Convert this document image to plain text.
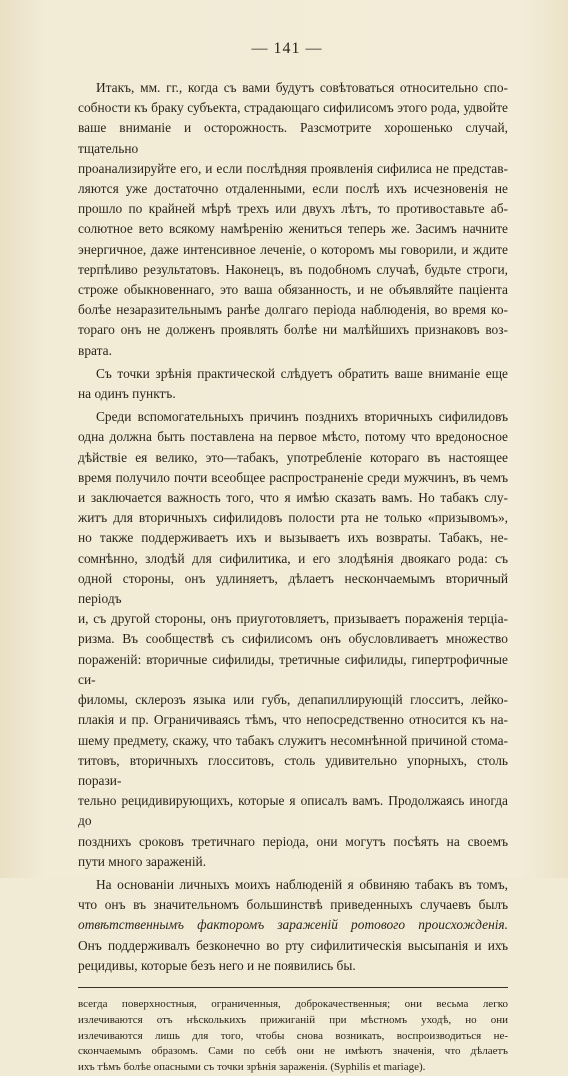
— 141 —

Итакъ, мм. гг., когда съ вами будутъ совѣтоваться относительно спо-

собности къ браку субъекта, страдающаго сифилисомъ этого рода, удвойте

ваше вниманіе и осторожность. Разсмотрите хорошенько случай, тщательно

проанализируйте его, и если послѣдняя проявленія сифилиса не представ-

ляются уже достаточно отдаленными, если послѣ ихъ исчезновенія не

прошло по крайней мѣрѣ трехъ или двухъ лѣтъ, то противоставьте аб-

солютное вето всякому намѣренію жениться теперь же. Засимъ начните

энергичное, даже интенсивное леченіе, о которомъ мы говорили, и ждите

терпѣливо результатовъ. Наконецъ, въ подобномъ случаѣ, будьте строги,

строже обыкновеннаго, это ваша обязанность, и не объявляйте паціента

болѣе незаразительнымъ ранѣе долгаго періода наблюденія, во время ко-

тораго онъ не долженъ проявлять болѣе ни малѣйшихъ признаковъ воз-

врата.

Съ точки зрѣнія практической слѣдуетъ обратить ваше вниманіе еще

на одинъ пунктъ.

Среди вспомогательныхъ причинъ позднихъ вторичныхъ сифилидовъ

одна должна быть поставлена на первое мѣсто, потому что вредоносное

дѣйствіе ея велико, это—табакъ, употребленіе котораго въ настоящее

время получило почти всеобщее распространеніе среди мужчинъ, въ чемъ

и заключается важность того, что я имѣю сказать вамъ. Но табакъ слу-

житъ для вторичныхъ сифилидовъ полости рта не только «призывомъ»,

но также поддерживаетъ ихъ и вызываетъ ихъ возвраты. Табакъ, не-

сомнѣнно, злодѣй для сифилитика, и его злодѣянія двоякаго рода: съ

одной стороны, онъ удлиняетъ, дѣлаетъ нескончаемымъ вторичный періодъ

и, съ другой стороны, онъ приуготовляетъ, призываетъ пораженія терціа-

ризма. Въ сообществѣ съ сифилисомъ онъ обусловливаетъ множество

пораженій: вторичные сифилиды, третичные сифилиды, гипертрофичные си-

филомы, склерозъ языка или губъ, депапиллирующій глосситъ, лейко-

плакія и пр. Ограничиваясь тѣмъ, что непосредственно относится къ на-

шему предмету, скажу, что табакъ служитъ несомнѣнной причиной стома-

титовъ, вторичныхъ глосситовъ, столь удивительно упорныхъ, столь порази-

тельно рецидивирующихъ, которые я описалъ вамъ. Продолжаясь иногда до

позднихъ сроковъ третичнаго періода, они могутъ посѣять на своемъ

пути много зараженій.

На основаніи личныхъ моихъ наблюденій я обвиняю табакъ въ томъ,

что онъ въ значительномъ большинствѣ приведенныхъ случаевъ былъ

отвѣтственнымъ факторомъ зараженій ротового происхожденія.

Онъ поддерживалъ безконечно во рту сифилитическія высыпанія и ихъ

рецидивы, которые безъ него и не появились бы.

всегда поверхностныя, ограниченныя, доброкачественныя; они весьма легко

излечиваются отъ нѣсколькихъ прижиганій при мѣстномъ уходѣ, но они

излечиваются лишь для того, чтобы снова возникать, воспроизводиться не-

скончаемымъ образомъ. Сами по себѣ они не имѣютъ значенія, что дѣлаетъ

ихъ тѣмъ болѣе опасными съ точки зрѣнія зараженія. (Syphilis et mariage).
